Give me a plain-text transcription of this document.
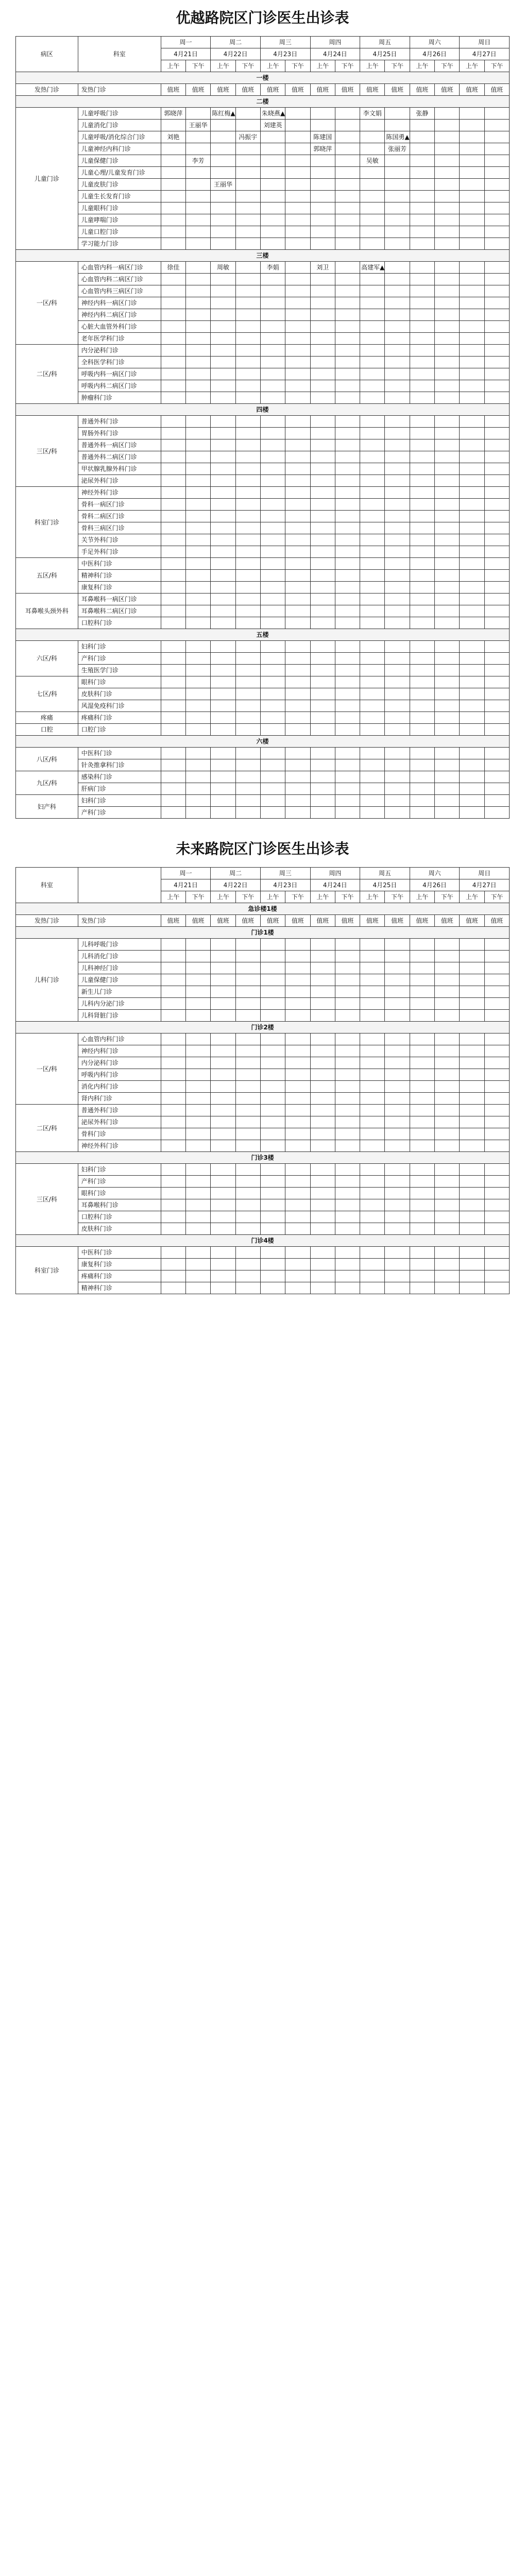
优越路院区门诊医生出诊表
病区	科室	周一		周二		周三		周四		周五		周六		周日	
		4月21日		4月22日		4月23日		4月24日		4月25日		4月26日		4月27日	
		上午	下午	上午	下午	上午	下午	上午	下午	上午	下午	上午	下午	上午	下午
一楼															
发热门诊	发热门诊	值班	值班	值班	值班	值班	值班	值班	值班	值班	值班	值班	值班	值班	值班
二楼															
儿童门诊	儿童呼吸门诊	郭晓萍		陈红梅▲		朱晓燕▲				李文娟		张静			
	儿童消化门诊		王丽华			刘建英									
	儿童呼吸/消化综合门诊	刘艳			冯振宇			陈建国			陈国勇▲				
	儿童神经内科门诊							郭晓萍			张丽芳				
	儿童保健门诊		李芳							吴敏					
	儿童心理/儿童发育门诊														
	儿童皮肤门诊			王丽华											
	儿童生长发育门诊														
	儿童眼科门诊														
	儿童哮喘门诊														
	儿童口腔门诊														
	学习能力门诊														
三楼															
一区/科	心血管内科一病区门诊	徐佳		周敏		李娟		刘卫		高建军▲					
	心血管内科二病区门诊														
	心血管内科三病区门诊														
	神经内科一病区门诊														
	神经内科二病区门诊														
	心脏大血管外科门诊														
	老年医学科门诊														
二区/科	内分泌科门诊														
	全科医学科门诊														
	呼吸内科一病区门诊														
	呼吸内科二病区门诊														
	肿瘤科门诊														
四楼															
三区/科	普通外科门诊														
	胃肠外科门诊														
	普通外科一病区门诊														
	普通外科二病区门诊														
	甲状腺乳腺外科门诊														
	泌尿外科门诊														
科室门诊	神经外科门诊														
	骨科一病区门诊														
	骨科二病区门诊														
	骨科三病区门诊														
	关节外科门诊														
	手足外科门诊														
五区/科	中医科门诊														
	精神科门诊														
	康复科门诊														
耳鼻喉头颈外科	耳鼻喉科一病区门诊														
	耳鼻喉科二病区门诊														
	口腔科门诊														
五楼															
六区/科	妇科门诊														
	产科门诊														
	生殖医学门诊														
七区/科	眼科门诊														
	皮肤科门诊														
	风湿免疫科门诊														
疼痛	疼痛科门诊														
口腔	口腔门诊														
六楼															
八区/科	中医科门诊														
	针灸推拿科门诊														
九区/科	感染科门诊														
	肝病门诊														
妇产科	妇科门诊														
	产科门诊														
未来路院区门诊医生出诊表
科室		周一		周二		周三		周四		周五		周六		周日	
		4月21日		4月22日		4月23日		4月24日		4月25日		4月26日		4月27日	
		上午	下午	上午	下午	上午	下午	上午	下午	上午	下午	上午	下午	上午	下午
急诊楼1楼															
发热门诊	发热门诊	值班	值班	值班	值班	值班	值班	值班	值班	值班	值班	值班	值班	值班	值班
门诊1楼															
儿科门诊	儿科呼吸门诊														
	儿科消化门诊														
	儿科神经门诊														
	儿童保健门诊														
	新生儿门诊														
	儿科内分泌门诊														
	儿科肾脏门诊														
门诊2楼															
一区/科	心血管内科门诊														
	神经内科门诊														
	内分泌科门诊														
	呼吸内科门诊														
	消化内科门诊														
	肾内科门诊														
二区/科	普通外科门诊														
	泌尿外科门诊														
	骨科门诊														
	神经外科门诊														
门诊3楼															
三区/科	妇科门诊														
	产科门诊														
	眼科门诊														
	耳鼻喉科门诊														
	口腔科门诊														
	皮肤科门诊														
门诊4楼															
科室门诊	中医科门诊														
	康复科门诊														
	疼痛科门诊														
	精神科门诊														
